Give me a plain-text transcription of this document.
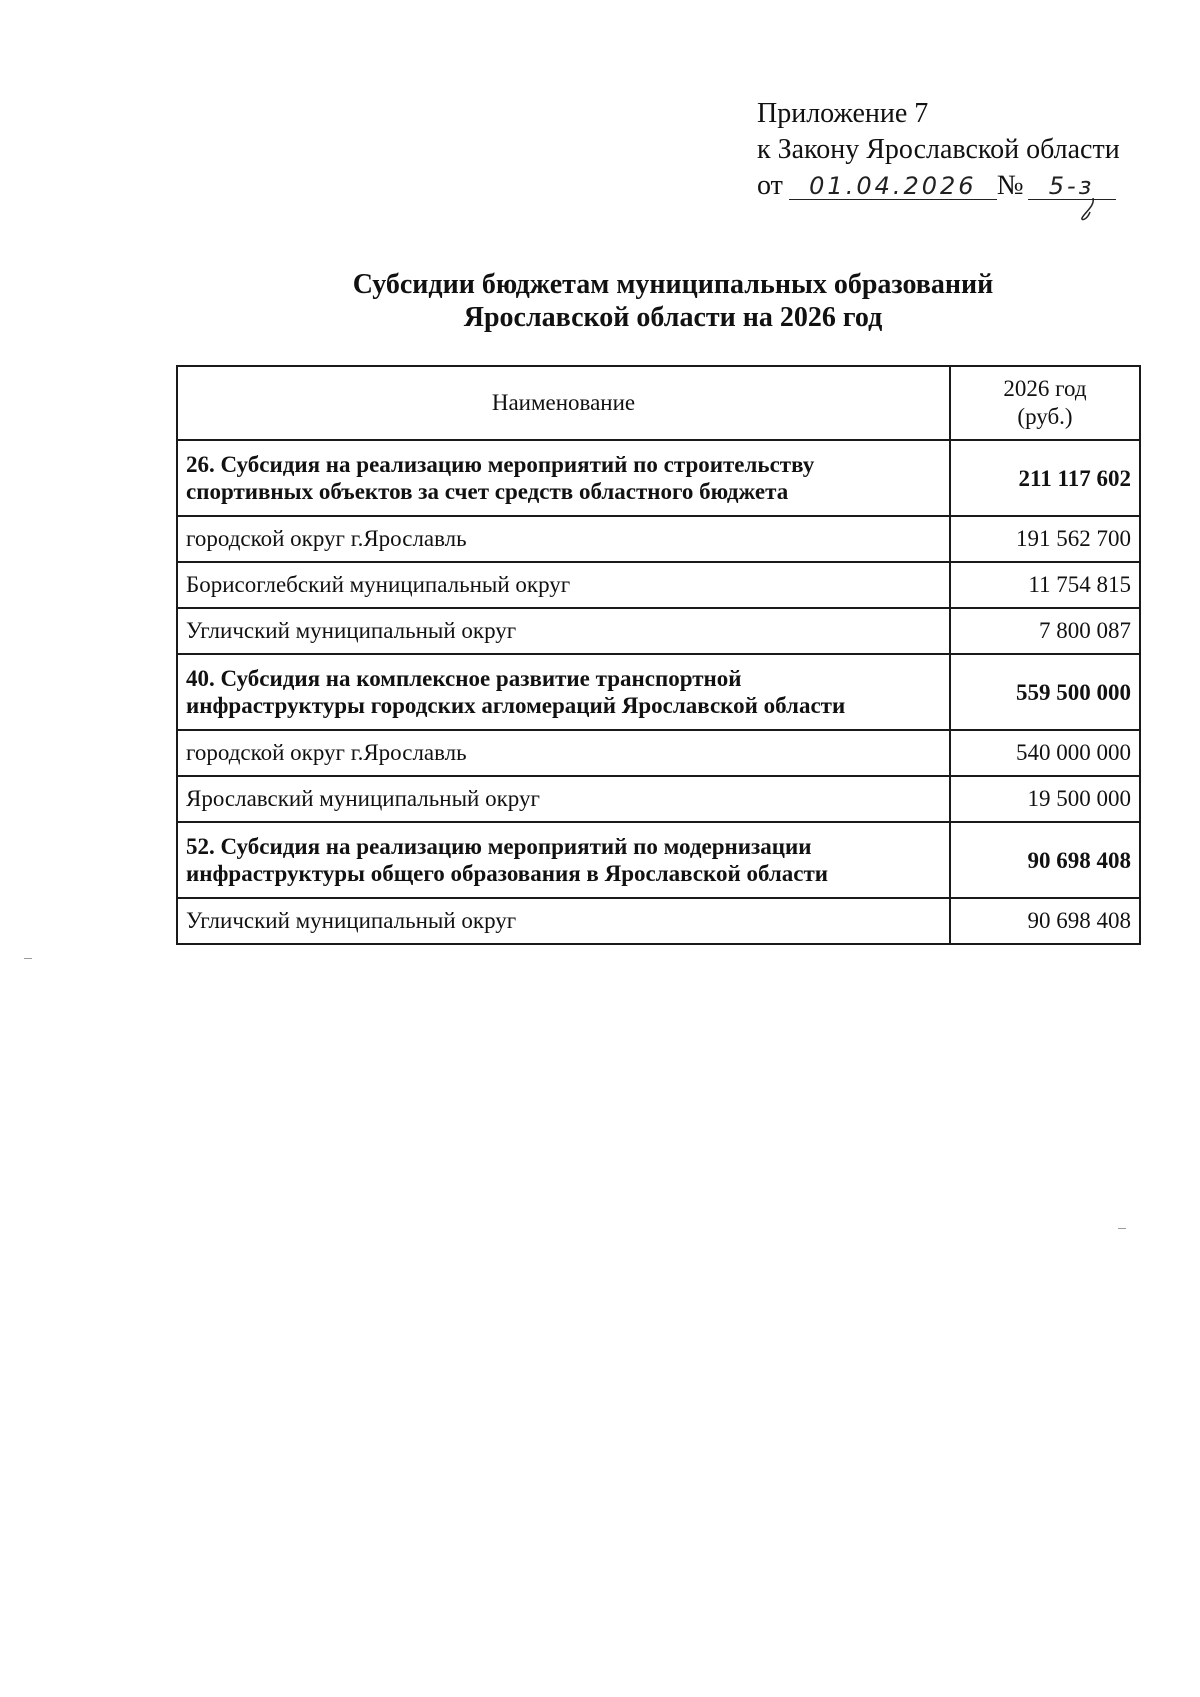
Приложение 7
к Закону Ярославской области
от 01.04.2026 № 5-з
Субсидии бюджетам муниципальных образований
Ярославской области на 2026 год
Наименование	2026 год
(руб.)

26. Субсидия на реализацию мероприятий по строительству
спортивных объектов за счет средств областного бюджета	211 117 602
городской округ г.Ярославль	191 562 700
Борисоглебский муниципальный округ	11 754 815
Угличский муниципальный округ	7 800 087

40. Субсидия на комплексное развитие транспортной
инфраструктуры городских агломераций Ярославской области	559 500 000
городской округ г.Ярославль	540 000 000
Ярославский муниципальный округ	19 500 000

52. Субсидия на реализацию мероприятий по модернизации
инфраструктуры общего образования в Ярославской области	90 698 408
Угличский муниципальный округ	90 698 408
